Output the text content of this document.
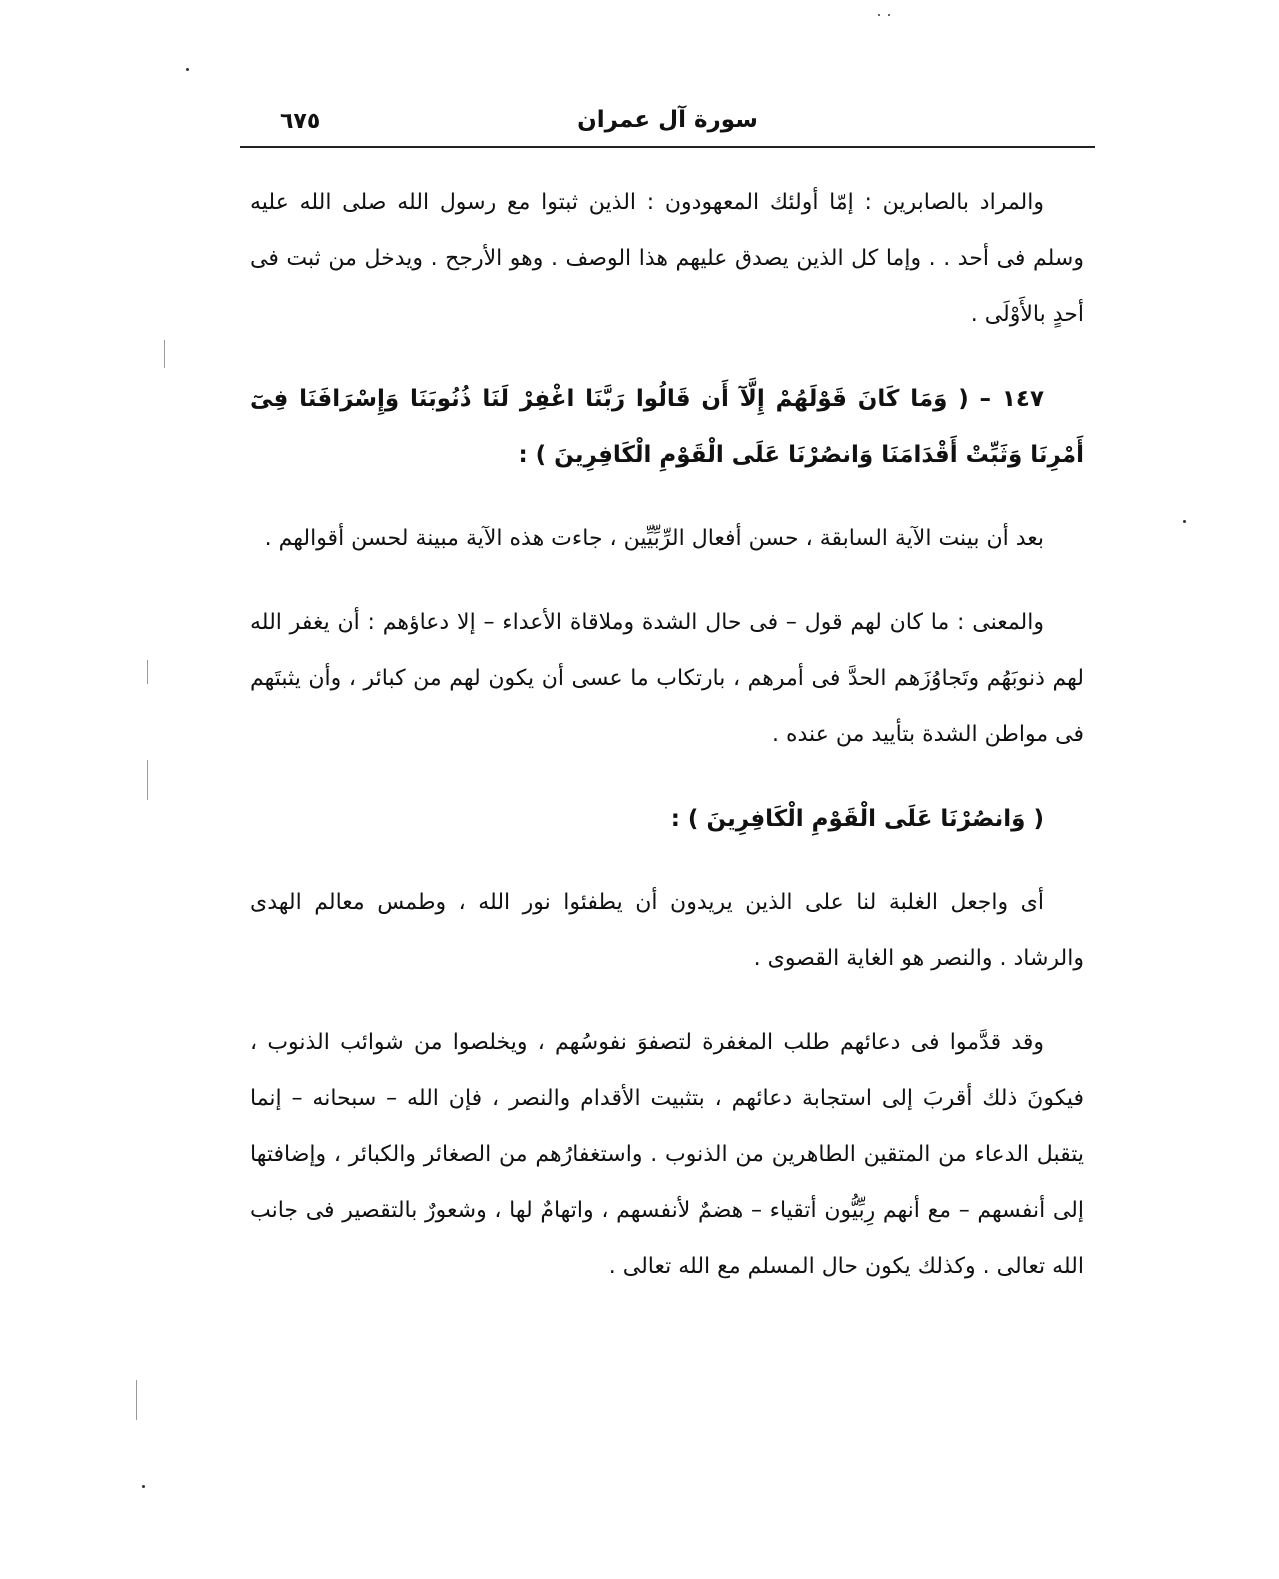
سورة آل عمران
٦٧٥

والمراد بالصابرين : إمّا أولئك المعهودون : الذين ثبتوا مع رسول الله صلى الله عليه وسلم فى أحد . . وإما كل الذين يصدق عليهم هذا الوصف . وهو الأرجح . ويدخل من ثبت فى أحدٍ بالأَوْلَى .

١٤٧ – ( وَمَا كَانَ قَوْلَهُمْ إِلَّآ أَن قَالُوا رَبَّنَا اغْفِرْ لَنَا ذُنُوبَنَا وَإِسْرَافَنَا فِىٓ أَمْرِنَا وَثَبِّتْ أَقْدَامَنَا وَانصُرْنَا عَلَى الْقَوْمِ الْكَافِرِينَ ) :

بعد أن بينت الآية السابقة ، حسن أفعال الرِّبِّيِّين ، جاءت هذه الآية مبينة لحسن أقوالهم .

والمعنى : ما كان لهم قول – فى حال الشدة وملاقاة الأعداء – إلا دعاؤهم : أن يغفر الله لهم ذنوبَهُم وتَجاوُزَهم الحدَّ فى أمرهم ، بارتكاب ما عسى أن يكون لهم من كبائر ، وأن يثبتَهم فى مواطن الشدة بتأييد من عنده .

( وَانصُرْنَا عَلَى الْقَوْمِ الْكَافِرِينَ ) :

أى واجعل الغلبة لنا على الذين يريدون أن يطفئوا نور الله ، وطمس معالم الهدى والرشاد . والنصر هو الغاية القصوى .

وقد قدَّموا فى دعائهم طلب المغفرة لتصفوَ نفوسُهم ، ويخلصوا من شوائب الذنوب ، فيكونَ ذلك أقربَ إلى استجابة دعائهم ، بتثبيت الأقدام والنصر ، فإن الله – سبحانه – إنما يتقبل الدعاء من المتقين الطاهرين من الذنوب . واستغفارُهم من الصغائر والكبائر ، وإضافتها إلى أنفسهم – مع أنهم رِبِّيُّون أتقياء – هضمٌ لأنفسهم ، واتهامٌ لها ، وشعورٌ بالتقصير فى جانب الله تعالى . وكذلك يكون حال المسلم مع الله تعالى .
